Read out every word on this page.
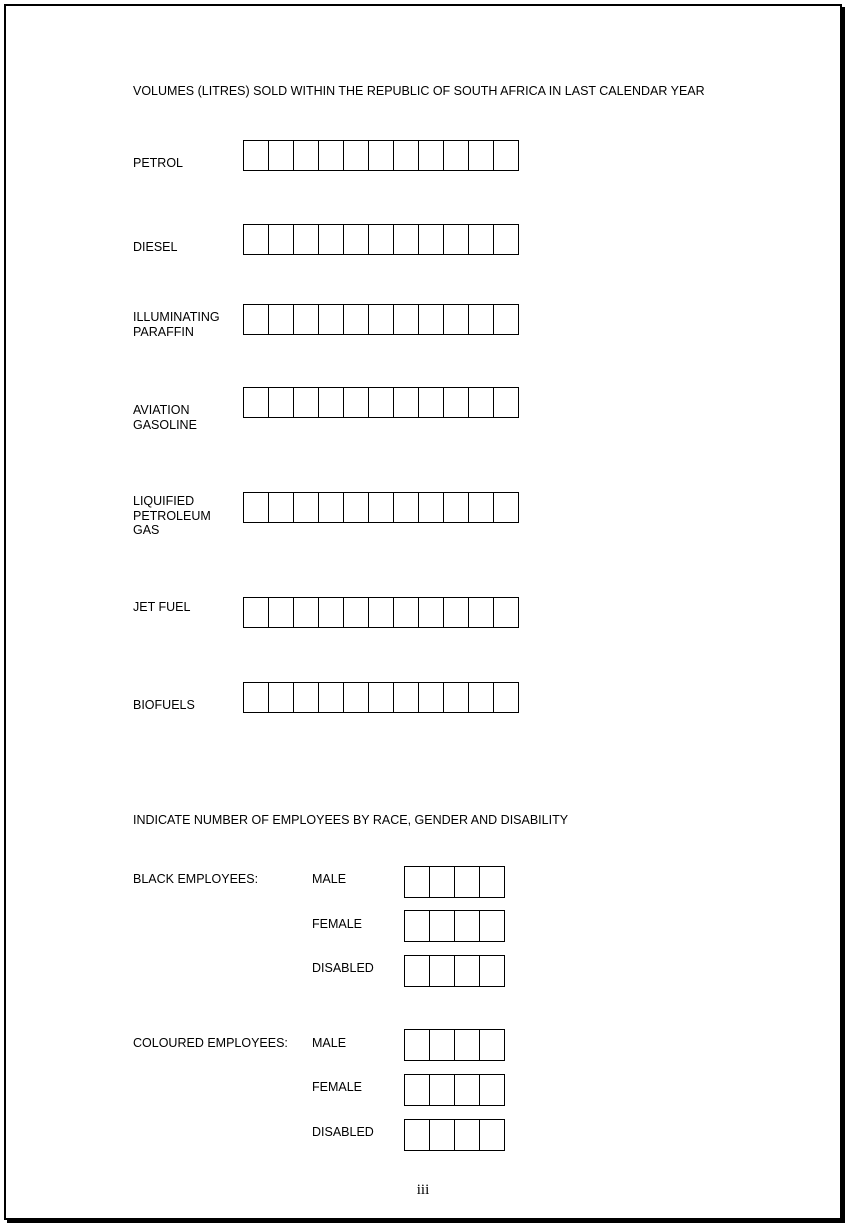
VOLUMES (LITRES) SOLD WITHIN THE REPUBLIC OF SOUTH AFRICA IN LAST CALENDAR YEAR
PETROL
DIESEL
ILLUMINATING
PARAFFIN
AVIATION
GASOLINE
LIQUIFIED
PETROLEUM
GAS
JET FUEL
BIOFUELS
INDICATE NUMBER OF EMPLOYEES BY RACE, GENDER AND DISABILITY
BLACK EMPLOYEES:	MALE
FEMALE
DISABLED
COLOURED EMPLOYEES: MALE
FEMALE
DISABLED
iii
